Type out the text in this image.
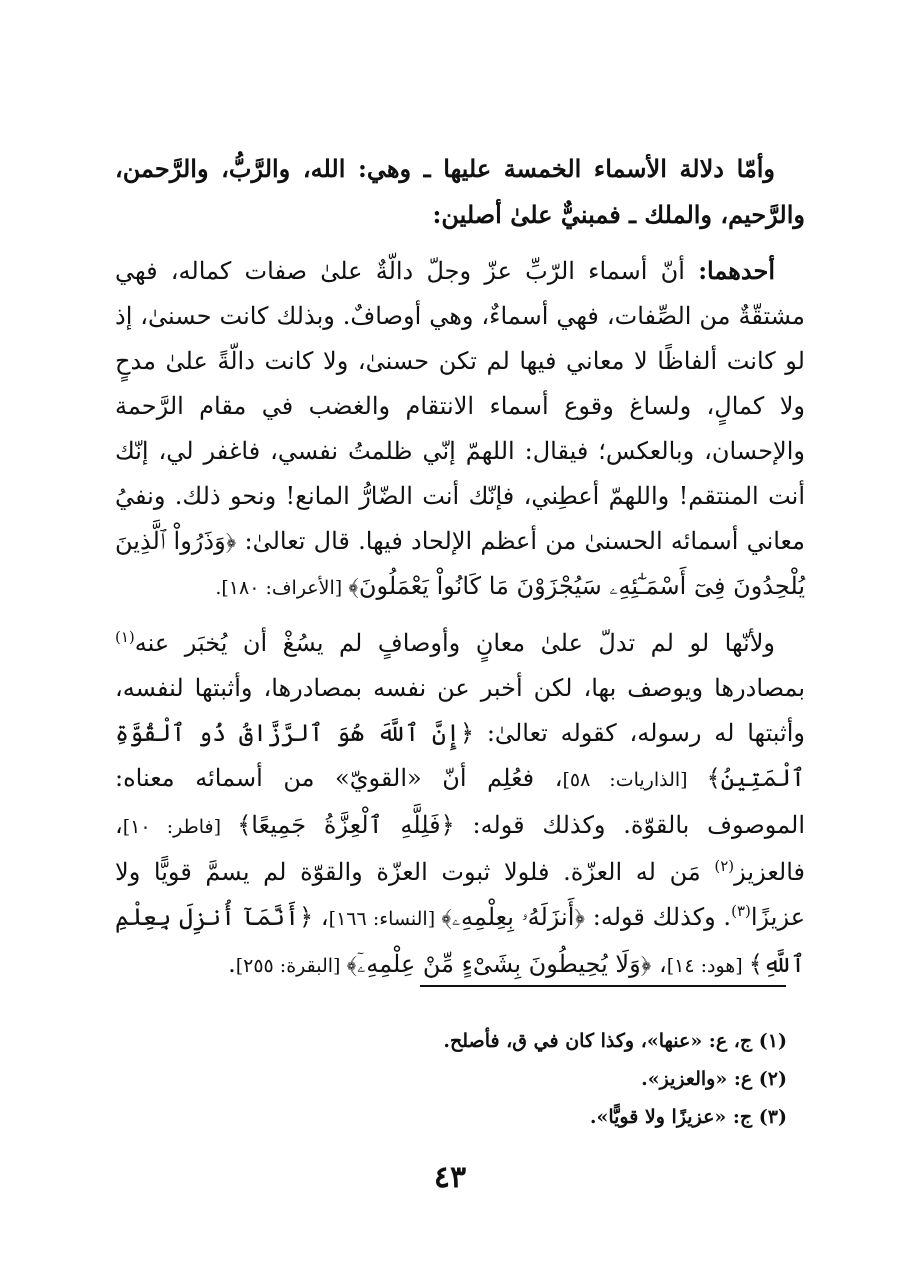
وأمّا دلالة الأسماء الخمسة عليها ـ وهي: الله، والرَّبُّ، والرَّحمن، والرَّحيم، والملك ـ فمبنيٌّ علىٰ أصلين:

أحدهما: أنّ أسماء الرّبِّ عزّ وجلّ دالّةٌ علىٰ صفات كماله، فهي مشتقّةٌ من الصِّفات، فهي أسماءٌ، وهي أوصافٌ. وبذلك كانت حسنىٰ، إذ لو كانت ألفاظًا لا معاني فيها لم تكن حسنىٰ، ولا كانت دالّةً علىٰ مدحٍ ولا كمالٍ، ولساغ وقوع أسماء الانتقام والغضب في مقام الرَّحمة والإحسان، وبالعكس؛ فيقال: اللهمّ إنّي ظلمتُ نفسي، فاغفر لي، إنّك أنت المنتقم! واللهمّ أعطِني، فإنّك أنت الضّارُّ المانع! ونحو ذلك. ونفيُ معاني أسمائه الحسنىٰ من أعظم الإلحاد فيها. قال تعالىٰ: ﴿وَذَرُواْ ٱلَّذِينَ يُلْحِدُونَ فِىٓ أَسْمَـٰٓئِهِۦ سَيُجْزَوْنَ مَا كَانُواْ يَعْمَلُونَ﴾ [الأعراف: ١٨٠].

ولأنّها لو لم تدلّ علىٰ معانٍ وأوصافٍ لم يسُغْ أن يُخبَر عنه$^{(١)}$ بمصادرها ويوصف بها، لكن أخبر عن نفسه بمصادرها، وأثبتها لنفسه، وأثبتها له رسوله، كقوله تعالىٰ: ﴿إِنَّ ٱللَّهَ هُوَ ٱلرَّزَّاقُ ذُو ٱلْقُوَّةِ ٱلْمَتِينُ﴾ [الذاريات: ٥٨]، فعُلِم أنّ «القويّ» من أسمائه معناه: الموصوف بالقوّة. وكذلك قوله: ﴿فَلِلَّهِ ٱلْعِزَّةُ جَمِيعًا﴾ [فاطر: ١٠]، فالعزيز$^{(٢)}$ مَن له العزّة. فلولا ثبوت العزّة والقوّة لم يسمَّ قويًّا ولا عزيزًا$^{(٣)}$. وكذلك قوله: ﴿أَنزَلَهُۥ بِعِلْمِهِۦ﴾ [النساء: ١٦٦]، ﴿أَنَّمَآ أُنزِلَ بِعِلْمِ ٱللَّهِ﴾ [هود: ١٤]، ﴿وَلَا يُحِيطُونَ بِشَىْءٍ مِّنْ عِلْمِهِۦٓ﴾ [البقرة: ٢٥٥].

(١) ج، ع: «عنها»، وكذا كان في ق، فأصلح.

(٢) ع: «والعزيز».

(٣) ج: «عزيزًا ولا قويًّا».

٤٣
